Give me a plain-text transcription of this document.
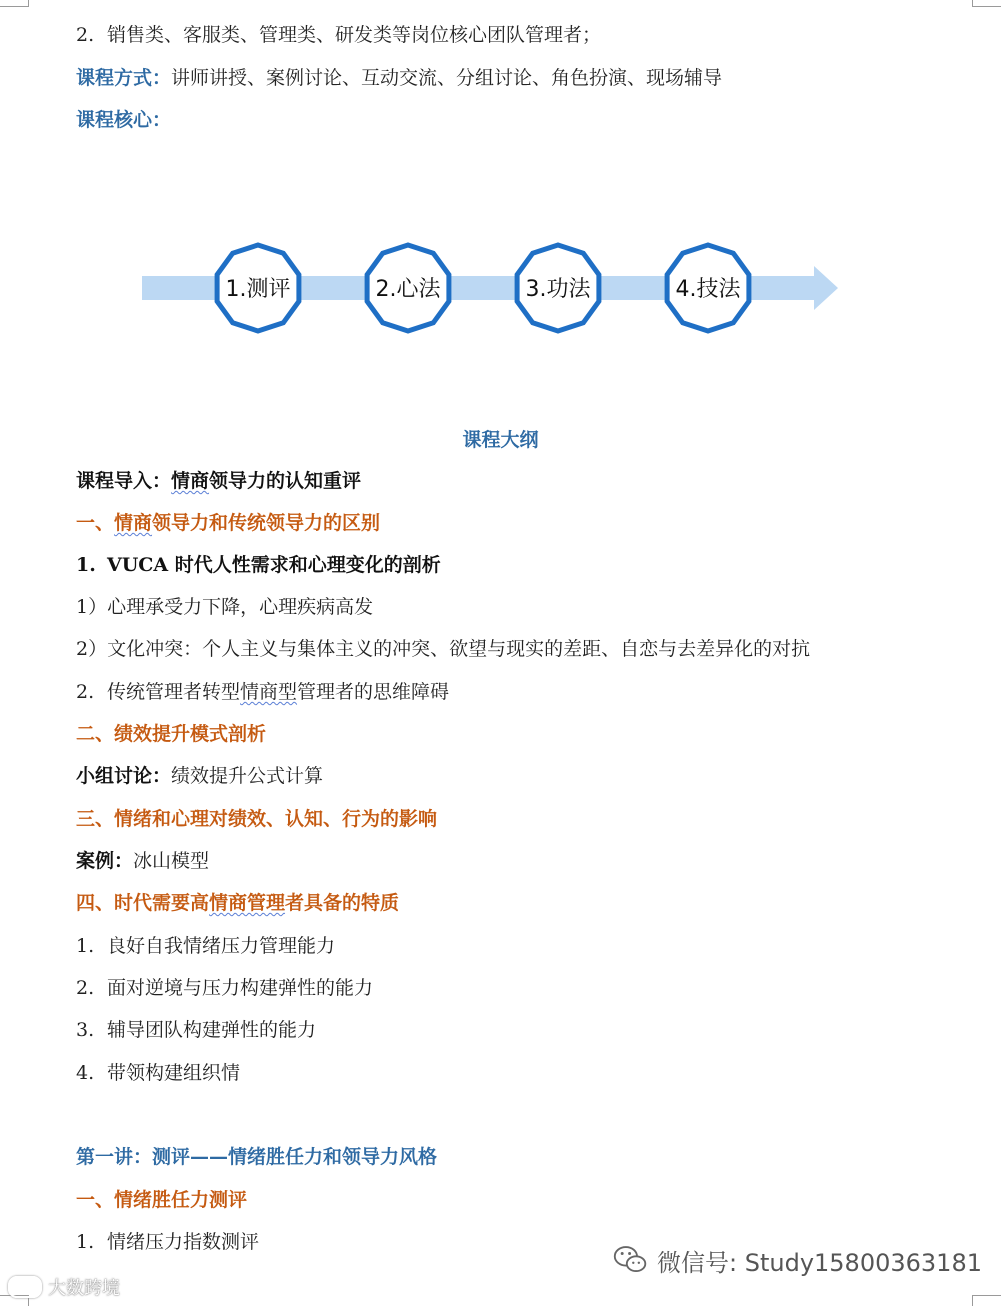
2. 销售类、客服类、管理类、研发类等岗位核心团队管理者；
课程方式：讲师讲授、案例讨论、互动交流、分组讨论、角色扮演、现场辅导
课程核心：
1.测评	2.心法	3.功法	4.技法
课程大纲
课程导入：情商领导力的认知重评
一、情商领导力和传统领导力的区别
1. VUCA 时代人性需求和心理变化的剖析
1）心理承受力下降，心理疾病高发
2）文化冲突：个人主义与集体主义的冲突、欲望与现实的差距、自恋与去差异化的对抗
2. 传统管理者转型情商型管理者的思维障碍
二、绩效提升模式剖析
小组讨论：绩效提升公式计算
三、情绪和心理对绩效、认知、行为的影响
案例：冰山模型
四、时代需要高情商管理者具备的特质
1. 良好自我情绪压力管理能力
2. 面对逆境与压力构建弹性的能力
3. 辅导团队构建弹性的能力
4. 带领构建组织情
第一讲：测评——情绪胜任力和领导力风格
一、情绪胜任力测评
1. 情绪压力指数测评
微信号: Study15800363181
大数跨境
